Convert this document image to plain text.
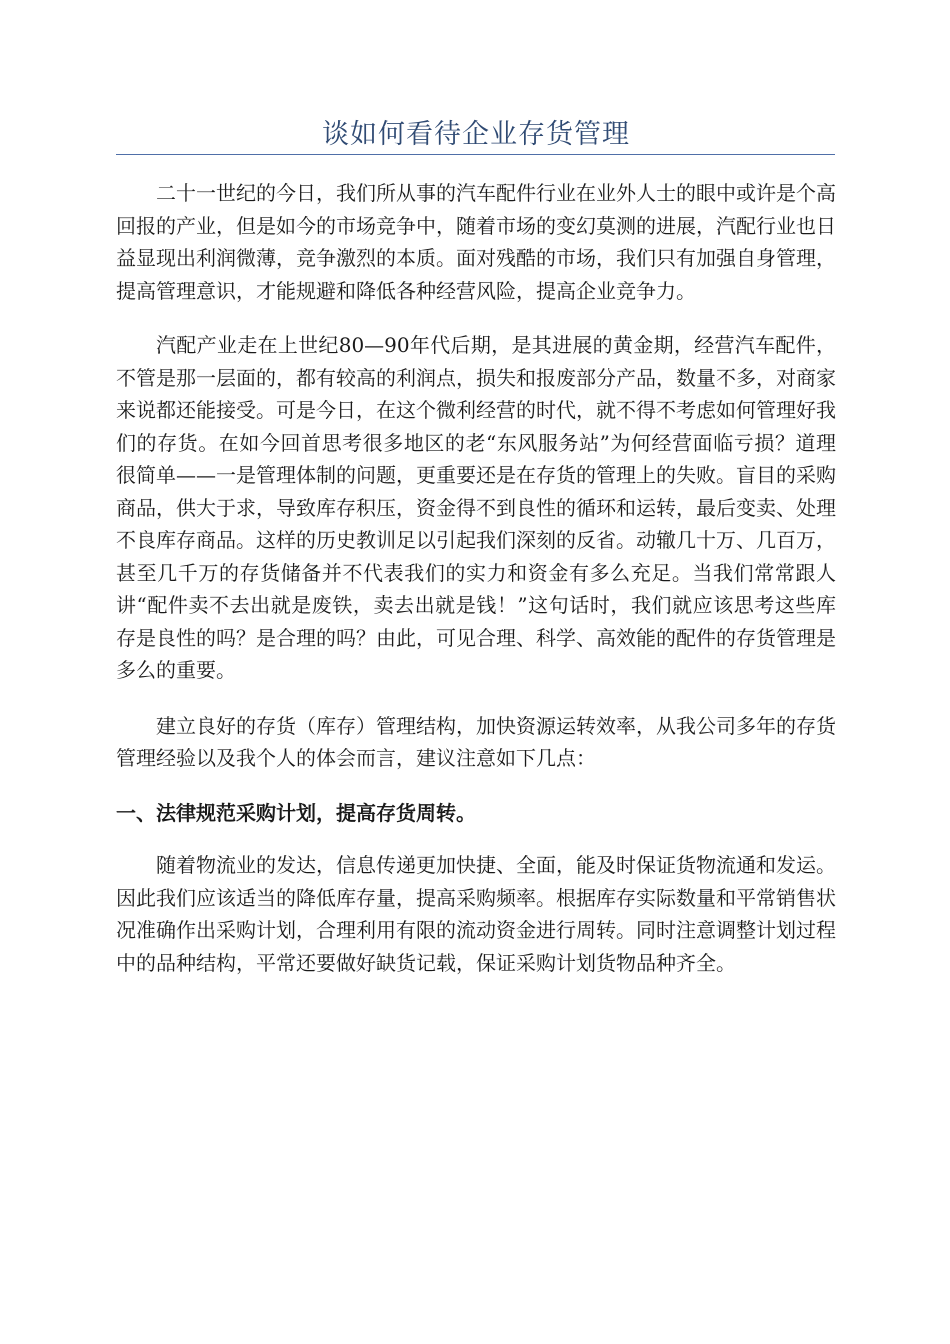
谈如何看待企业存货管理

二十一世纪的今日，我们所从事的汽车配件行业在业外人士的眼中或许是个高回报的产业，但是如今的市场竞争中，随着市场的变幻莫测的进展，汽配行业也日益显现出利润微薄，竞争激烈的本质。面对残酷的市场，我们只有加强自身管理，提高管理意识，才能规避和降低各种经营风险，提高企业竞争力。

汽配产业走在上世纪80—90年代后期，是其进展的黄金期，经营汽车配件，不管是那一层面的，都有较高的利润点，损失和报废部分产品，数量不多，对商家来说都还能接受。可是今日，在这个微利经营的时代，就不得不考虑如何管理好我们的存货。在如今回首思考很多地区的老“东风服务站”为何经营面临亏损？道理很简单——一是管理体制的问题，更重要还是在存货的管理上的失败。盲目的采购商品，供大于求，导致库存积压，资金得不到良性的循环和运转，最后变卖、处理不良库存商品。这样的历史教训足以引起我们深刻的反省。动辙几十万、几百万，甚至几千万的存货储备并不代表我们的实力和资金有多么充足。当我们常常跟人讲“配件卖不去出就是废铁，卖去出就是钱！”这句话时，我们就应该思考这些库存是良性的吗？是合理的吗？由此，可见合理、科学、高效能的配件的存货管理是多么的重要。

建立良好的存货（库存）管理结构，加快资源运转效率，从我公司多年的存货管理经验以及我个人的体会而言，建议注意如下几点：

一、法律规范采购计划，提高存货周转。

随着物流业的发达，信息传递更加快捷、全面，能及时保证货物流通和发运。因此我们应该适当的降低库存量，提高采购频率。根据库存实际数量和平常销售状况准确作出采购计划，合理利用有限的流动资金进行周转。同时注意调整计划过程中的品种结构，平常还要做好缺货记载，保证采购计划货物品种齐全。
